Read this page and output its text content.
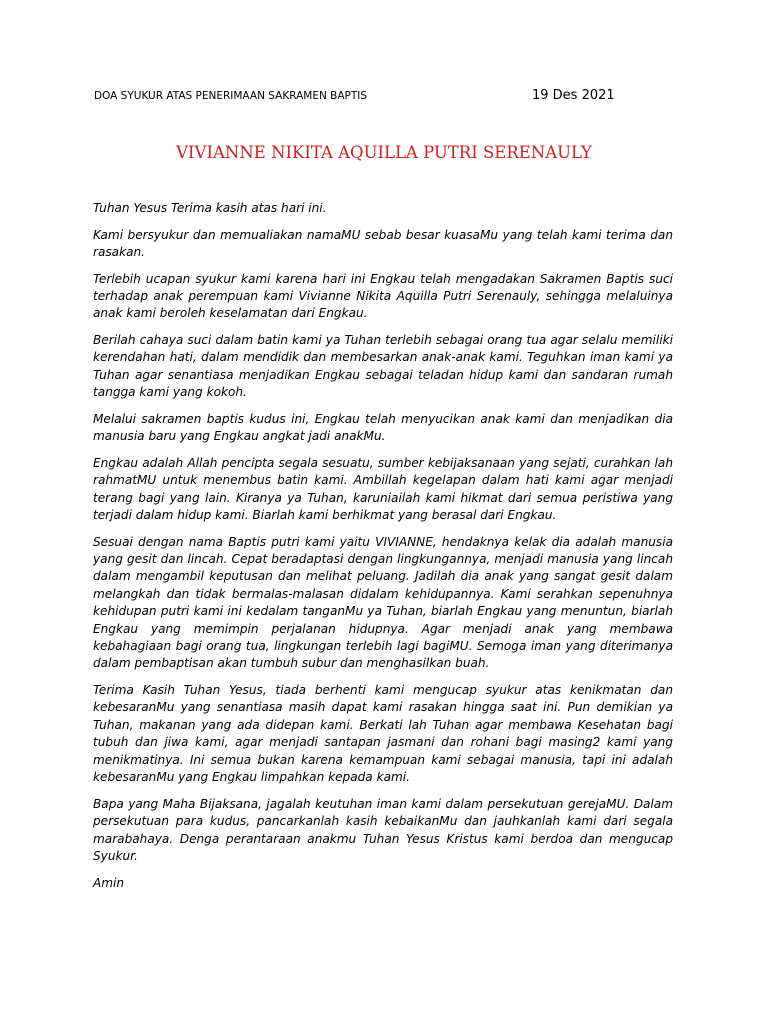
DOA SYUKUR ATAS PENERIMAAN SAKRAMEN BAPTIS	19 Des 2021
VIVIANNE NIKITA AQUILLA PUTRI SERENAULY

Tuhan Yesus Terima kasih atas hari ini.

Kami bersyukur dan memualiakan namaMU sebab besar kuasaMu yang telah kami terima dan rasakan.

Terlebih ucapan syukur kami karena hari ini Engkau telah mengadakan Sakramen Baptis suci terhadap anak perempuan kami Vivianne Nikita Aquilla Putri Serenauly, sehingga melaluinya anak kami beroleh keselamatan dari Engkau.

Berilah cahaya suci dalam batin kami ya Tuhan terlebih sebagai orang tua agar selalu memiliki kerendahan hati, dalam mendidik dan membesarkan anak-anak kami. Teguhkan iman kami ya Tuhan agar senantiasa menjadikan Engkau sebagai teladan hidup kami dan sandaran rumah tangga kami yang kokoh.

Melalui sakramen baptis kudus ini, Engkau telah menyucikan anak kami dan menjadikan dia manusia baru yang Engkau angkat jadi anakMu.

Engkau adalah Allah pencipta segala sesuatu, sumber kebijaksanaan yang sejati, curahkan lah rahmatMU untuk menembus batin kami. Ambillah kegelapan dalam hati kami agar menjadi terang bagi yang lain. Kiranya ya Tuhan, karuniailah kami hikmat dari semua peristiwa yang terjadi dalam hidup kami. Biarlah kami berhikmat yang berasal dari Engkau.

Sesuai dengan nama Baptis putri kami yaitu VIVIANNE, hendaknya kelak dia adalah manusia yang gesit dan lincah. Cepat beradaptasi dengan lingkungannya, menjadi manusia yang lincah dalam mengambil keputusan dan melihat peluang. Jadilah dia anak yang sangat gesit dalam melangkah dan tidak bermalas-malasan didalam kehidupannya. Kami serahkan sepenuhnya kehidupan putri kami ini kedalam tanganMu ya Tuhan, biarlah Engkau yang menuntun, biarlah Engkau yang memimpin perjalanan hidupnya. Agar menjadi anak yang membawa kebahagiaan bagi orang tua, lingkungan terlebih lagi bagiMU. Semoga iman yang diterimanya dalam pembaptisan akan tumbuh subur dan menghasilkan buah.

Terima Kasih Tuhan Yesus, tiada berhenti kami mengucap syukur atas kenikmatan dan kebesaranMu yang senantiasa masih dapat kami rasakan hingga saat ini. Pun demikian ya Tuhan, makanan yang ada didepan kami. Berkati lah Tuhan agar membawa Kesehatan bagi tubuh dan jiwa kami, agar menjadi santapan jasmani dan rohani bagi masing2 kami yang menikmatinya. Ini semua bukan karena kemampuan kami sebagai manusia, tapi ini adalah kebesaranMu yang Engkau limpahkan kepada kami.

Bapa yang Maha Bijaksana, jagalah keutuhan iman kami dalam persekutuan gerejaMU. Dalam persekutuan para kudus, pancarkanlah kasih kebaikanMu dan jauhkanlah kami dari segala marabahaya. Denga perantaraan anakmu Tuhan Yesus Kristus kami berdoa dan mengucap Syukur.

Amin
